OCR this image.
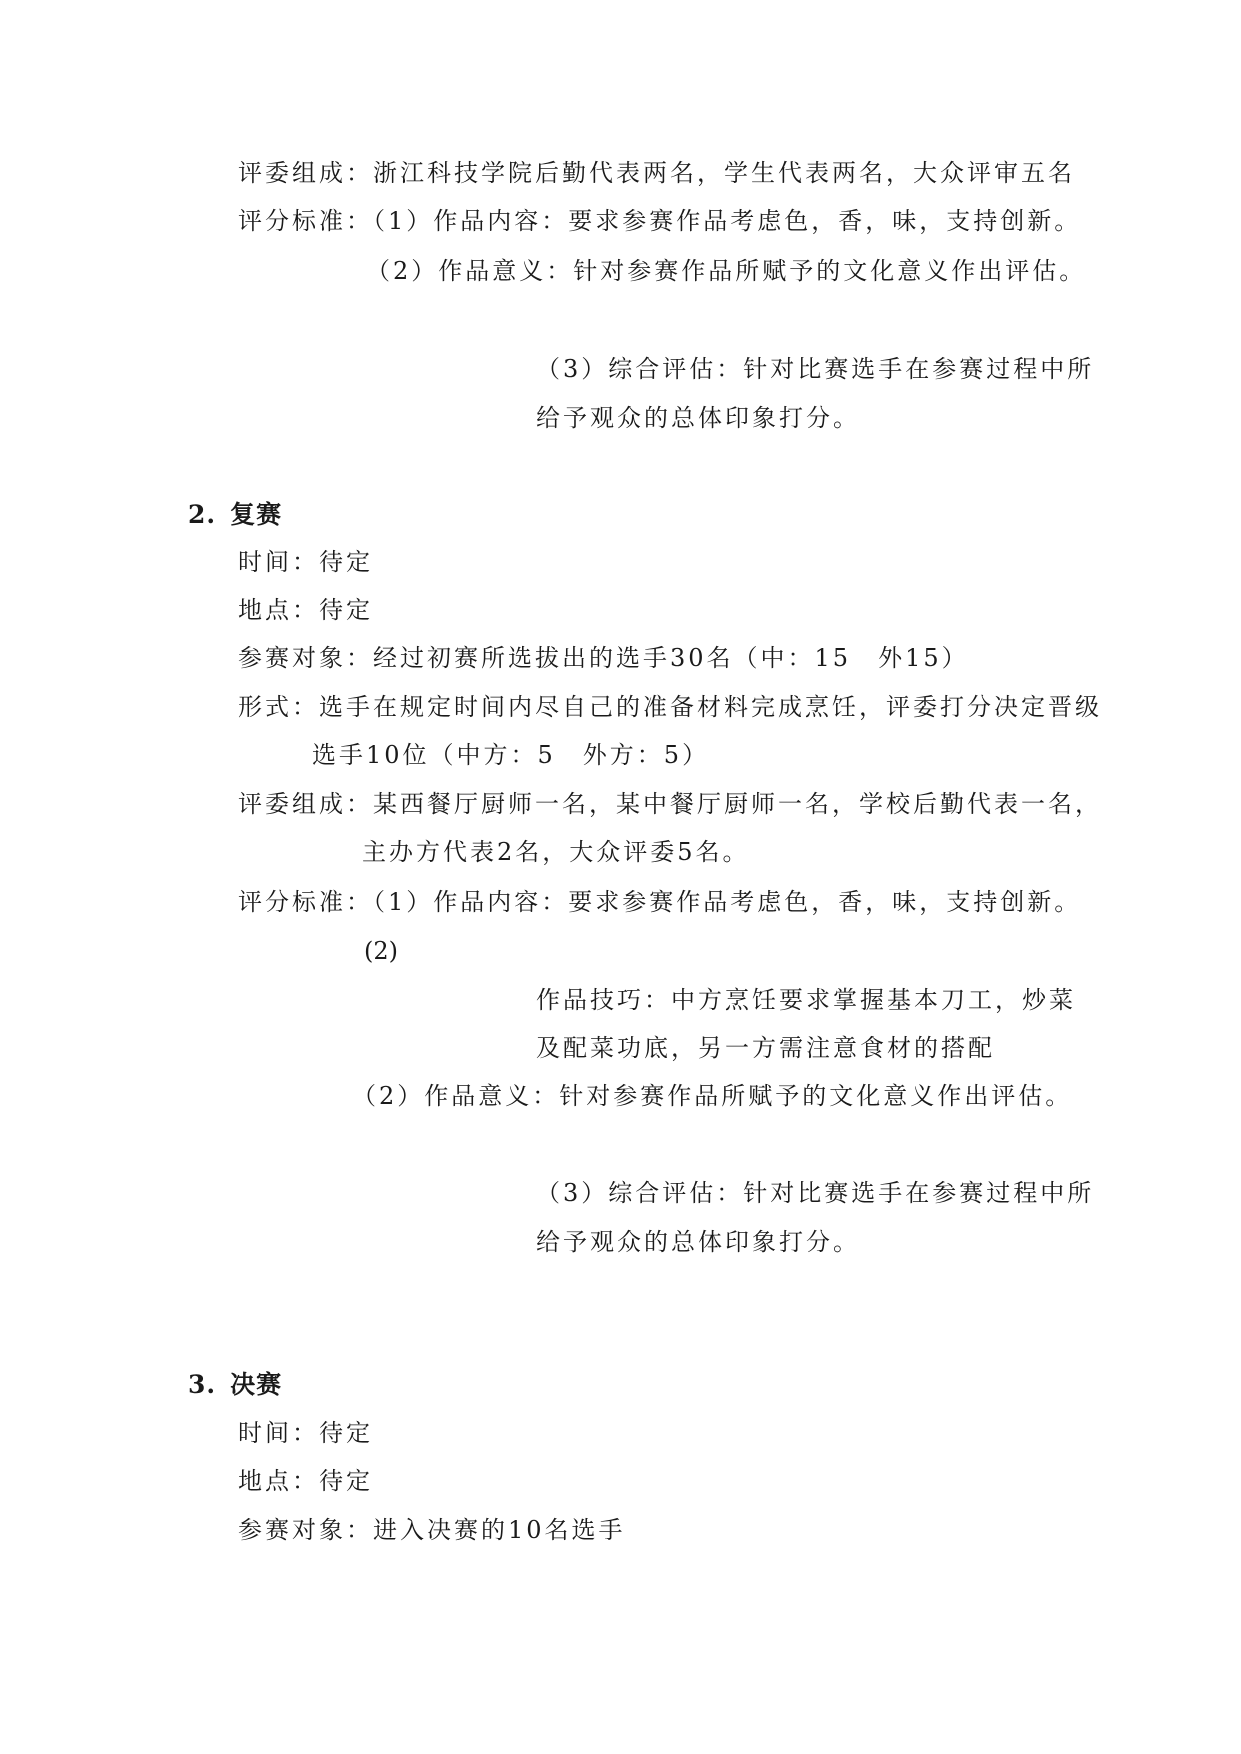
评委组成：浙江科技学院后勤代表两名，学生代表两名，大众评审五名
评分标准：（1）作品内容：要求参赛作品考虑色，香，味，支持创新。
（2）作品意义：针对参赛作品所赋予的文化意义作出评估。
（3）综合评估：针对比赛选手在参赛过程中所
给予观众的总体印象打分。
2. 复赛
时间：待定
地点：待定
参赛对象：经过初赛所选拔出的选手30名（中：15　外15）
形式：选手在规定时间内尽自己的准备材料完成烹饪，评委打分决定晋级
选手10位（中方：5　外方：5）
评委组成：某西餐厅厨师一名，某中餐厅厨师一名，学校后勤代表一名，
主办方代表2名，大众评委5名。
评分标准：（1）作品内容：要求参赛作品考虑色，香，味，支持创新。
(2)
作品技巧：中方烹饪要求掌握基本刀工，炒菜
及配菜功底，另一方需注意食材的搭配
（2）作品意义：针对参赛作品所赋予的文化意义作出评估。
（3）综合评估：针对比赛选手在参赛过程中所
给予观众的总体印象打分。
3. 决赛
时间：待定
地点：待定
参赛对象：进入决赛的10名选手
